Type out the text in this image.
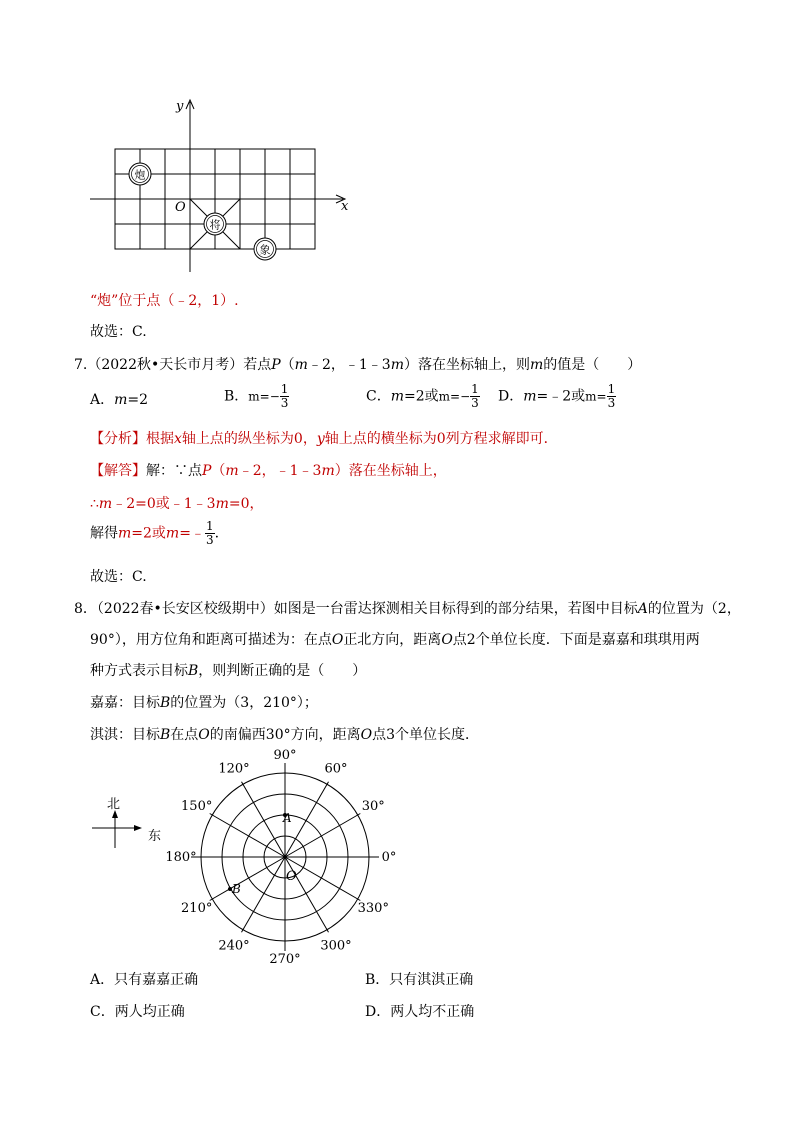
y
x
O
炮
将
象
“炮”位于点（﹣2，1）.
故选：C.
7.（2022秋•天长市月考）若点P（m﹣2，﹣1﹣3m）落在坐标轴上，则m的值是（　　）
A．m=2	B．$m=- \frac{1}{3}$	C．m=2或$m=- \frac{1}{3}$ D．m=﹣2或$m= \frac{1}{3}$
【分析】根据x轴上点的纵坐标为0，y轴上点的横坐标为0列方程求解即可．
【解答】解：∵点P（m﹣2，﹣1﹣3m）落在坐标轴上，
∴m﹣2=0或﹣1﹣3m=0，
解得m=2或m=﹣ $\frac{1}{3}$ .
故选：C.
8．（2022春•长安区校级期中）如图是一台雷达探测相关目标得到的部分结果，若图中目标A的位置为（2，
90°），用方位角和距离可描述为：在点O正北方向，距离O点2个单位长度．下面是嘉嘉和琪琪用两
种方式表示目标B，则判断正确的是（　　）
嘉嘉：目标B的位置为（3，210°）；
淇淇：目标B在点O的南偏西30°方向，距离O点3个单位长度．
北
东
0°
30°
60°
90°
120°
150°
180°
210°
240°
270°
300°
330°
A
B
O
A．只有嘉嘉正确	B．只有淇淇正确
C．两人均正确	D．两人均不正确
